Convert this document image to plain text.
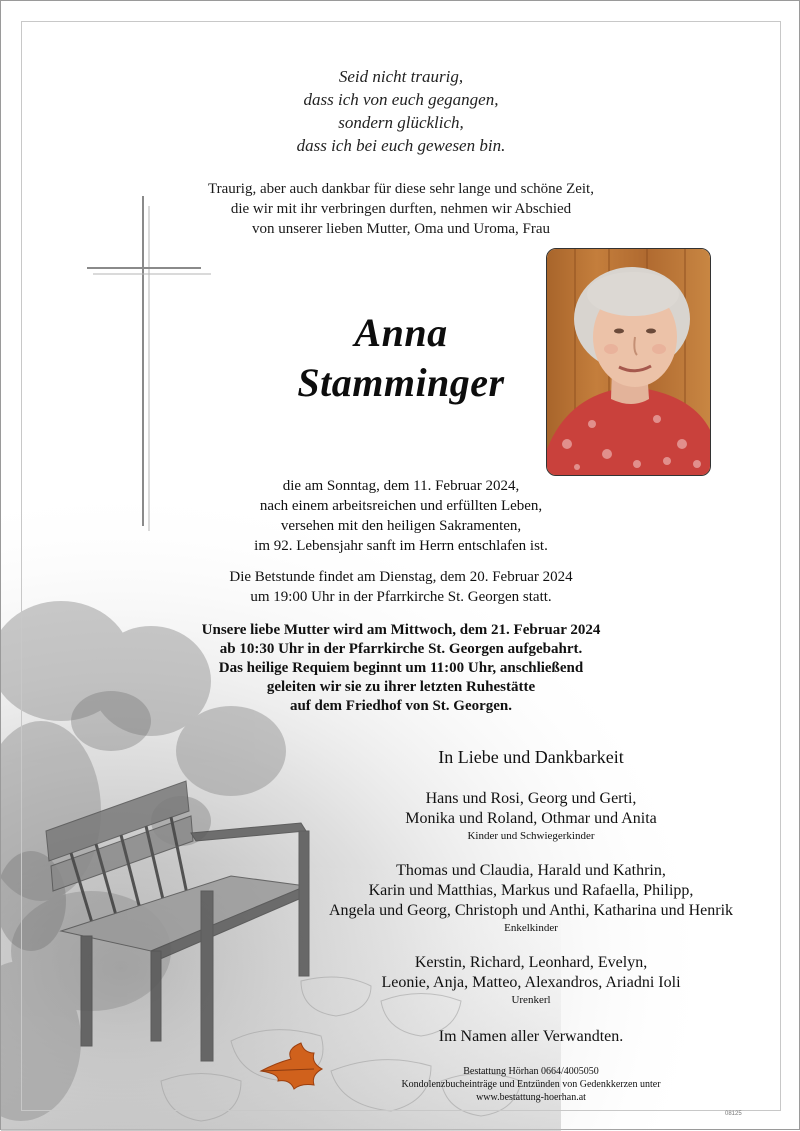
Seid nicht traurig,
dass ich von euch gegangen,
sondern glücklich,
dass ich bei euch gewesen bin.
Traurig, aber auch dankbar für diese sehr lange und schöne Zeit,
die wir mit ihr verbringen durften, nehmen wir Abschied
von unserer lieben Mutter, Oma und Uroma, Frau
Anna
Stamminger
die am Sonntag, dem 11. Februar 2024,
nach einem arbeitsreichen und erfüllten Leben,
versehen mit den heiligen Sakramenten,
im 92. Lebensjahr sanft im Herrn entschlafen ist.
Die Betstunde findet am Dienstag, dem 20. Februar 2024
um 19:00 Uhr in der Pfarrkirche St. Georgen statt.
Unsere liebe Mutter wird am Mittwoch, dem 21. Februar 2024
ab 10:30 Uhr in der Pfarrkirche St. Georgen aufgebahrt.
Das heilige Requiem beginnt um 11:00 Uhr, anschließend
geleiten wir sie zu ihrer letzten Ruhestätte
auf dem Friedhof von St. Georgen.
In Liebe und Dankbarkeit
Hans und Rosi, Georg und Gerti,
Monika und Roland, Othmar und Anita
Kinder und Schwiegerkinder
Thomas und Claudia, Harald und Kathrin,
Karin und Matthias, Markus und Rafaella, Philipp,
Angela und Georg, Christoph und Anthi, Katharina und Henrik
Enkelkinder
Kerstin, Richard, Leonhard, Evelyn,
Leonie, Anja, Matteo, Alexandros, Ariadni Ioli
Urenkerl
Im Namen aller Verwandten.
Bestattung Hörhan 0664/4005050
Kondolenzbucheinträge und Entzünden von Gedenkkerzen unter
www.bestattung-hoerhan.at
08125
